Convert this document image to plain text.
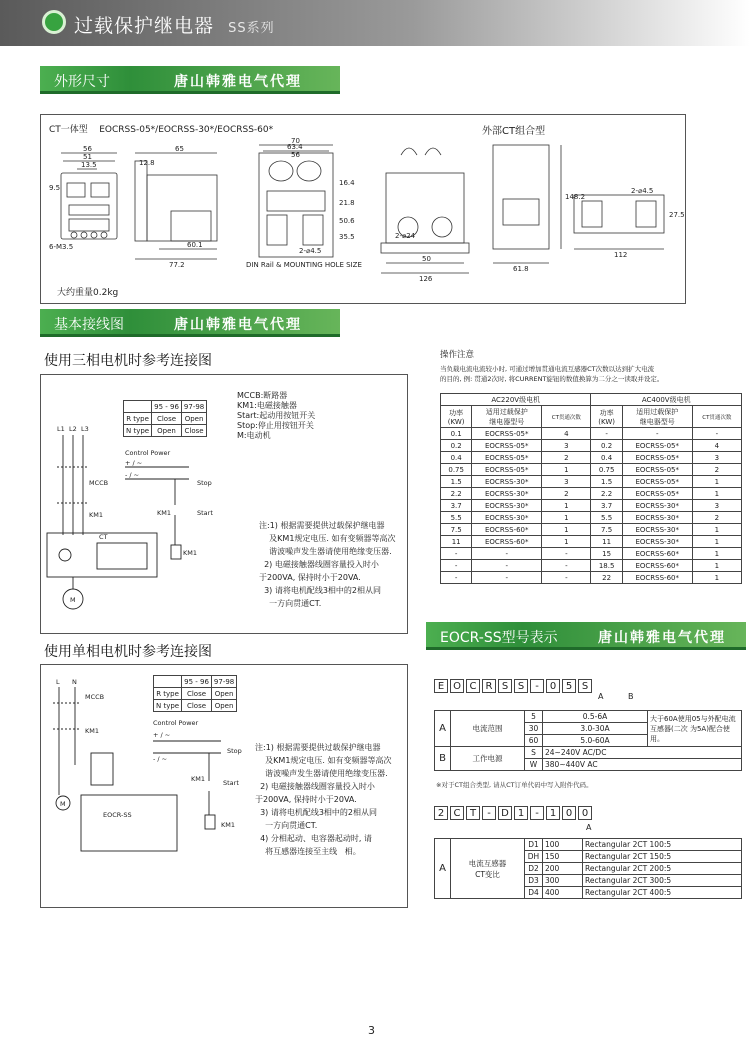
过载保护继电器 SS系列
外形尺寸	唐山韩雅电气代理
CT一体型 EOCRSS-05*/EOCRSS-30*/EOCRSS-60*	外部CT组合型
56
51
13.5
9.5
6-M3.5
12.8
65
60.1
77.2
70
63.4
56
16.4
21.8
50.6
35.5
2-⌀4.5
DIN Rail & MOUNTING HOLE SIZE
2-⌀24
50
126
148.2
61.8
112
27.5
2-⌀4.5
大约重量0.2kg
基本接线图	唐山韩雅电气代理
使用三相电机时参考连接图
	95 - 96	97-98
R type	Close	Open
N type	Open	Close
MCCB:断路器
KM1:电磁接触器
Start:起动用按钮开关
Stop:停止用按钮开关
M:电动机
L1 L2 L3
MCCB
Control Power
+ / ~
- / ~
Stop
Start
KM1
KM1
KM1
M
CT
注:1) 根据需要提供过载保护继电器
及KM1规定电压. 如有变频器等高次
谐波噪声发生器请使用绝缘变压器.
2) 电磁接触器线圈容量投入时小
于200VA, 保持时小于20VA.
3) 请将电机配线3相中的2相从同
一方向贯通CT.
使用单相电机时参考连接图
	95 - 96	97-98
R type	Close	Open
N type	Close	Open
L N
MCCB
KM1
Control Power
+ / ~
- / ~
Stop
Start
KM1
KM1
EOCR-SS
M
注:1) 根据需要提供过载保护继电器
及KM1规定电压. 如有变频器等高次
谐波噪声发生器请使用绝缘变压器.
2) 电磁接触器线圈容量投入时小
于200VA, 保持时小于20VA.
3) 请将电机配线3相中的2相从同
一方向贯通CT.
4) 分相起动、电容器起动时, 请
将互感器连接至主线   相。
操作注意
当负载电流电流较小时, 可通过增加贯通电流互感器CT次数以达到扩大电流
的目的, 例: 贯通2次时, 将CURRENT旋钮的数值换算为二分之一读取并设定。
AC220V级电机			AC400V级电机		
功率
(KW)	适用过载保护
继电器型号	CT贯通次数	功率
(KW)	适用过载保护
继电器型号	CT贯通次数
0.1	EOCRSS-05*	4	-	-	-
0.2	EOCRSS-05*	3	0.2	EOCRSS-05*	4
0.4	EOCRSS-05*	2	0.4	EOCRSS-05*	3
0.75	EOCRSS-05*	1	0.75	EOCRSS-05*	2
1.5	EOCRSS-30*	3	1.5	EOCRSS-05*	1
2.2	EOCRSS-30*	2	2.2	EOCRSS-05*	1
3.7	EOCRSS-30*	1	3.7	EOCRSS-30*	3
5.5	EOCRSS-30*	1	5.5	EOCRSS-30*	2
7.5	EOCRSS-60*	1	7.5	EOCRSS-30*	1
11	EOCRSS-60*	1	11	EOCRSS-30*	1
-	-	-	15	EOCRSS-60*	1
-	-	-	18.5	EOCRSS-60*	1
-	-	-	22	EOCRSS-60*	1
EOCR-SS型号表示	唐山韩雅电气代理
E O C R S S - 0 5 S
A	B
A	电流范围	5	0.5-6A	大于60A使用05与外配电流互感器(二次 为5A)配合使用。
		30	3.0-30A	
		60	5.0-60A	
B	工作电源	S	24~240V AC/DC	
		W	380~440V AC	
※对于CT组合类型, 请从CT订单代码中写入附件代码。
2 C T - D 1 - 1 0 0
A
A	电流互感器
CT变比	D1	100	Rectangular 2CT 100:5
		DH	150	Rectangular 2CT 150:5
		D2	200	Rectangular 2CT 200:5
		D3	300	Rectangular 2CT 300:5
		D4	400	Rectangular 2CT 400:5
3
